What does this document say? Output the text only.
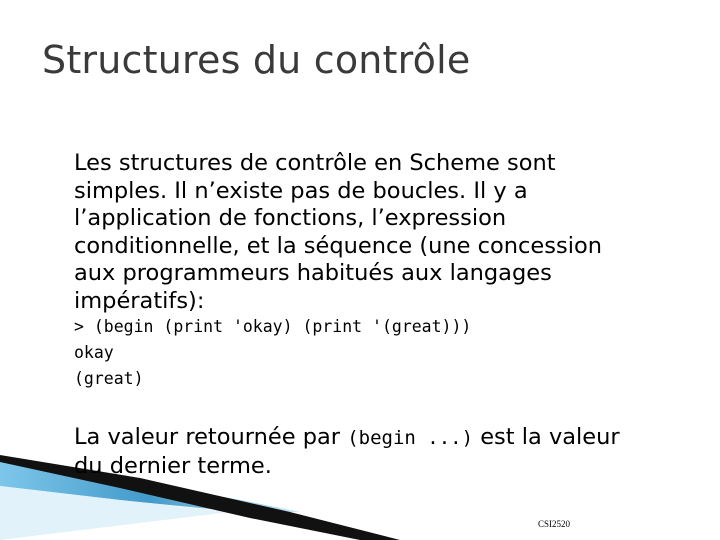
Structures du contrôle
Les structures de contrôle en Scheme sont simples. Il n’existe pas de boucles. Il y a l’application de fonctions, l’expression conditionnelle, et la séquence (une concession aux programmeurs habitués aux langages impératifs):
> (begin (print 'okay) (print '(great)))
okay
(great)
La valeur retournée par (begin ...) est la valeur du dernier terme.
CSI2520
